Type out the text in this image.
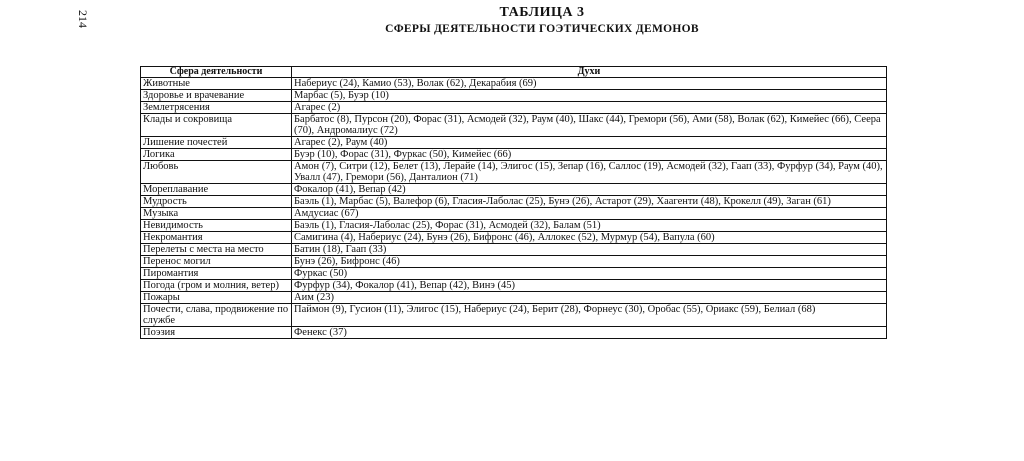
214	ТАБЛИЦА 3
СФЕРЫ ДЕЯТЕЛЬНОСТИ ГОЭТИЧЕСКИХ ДЕМОНОВ
Сфера деятельности	Духи
Животные	Набериус (24), Камио (53), Волак (62), Декарабия (69)
Здоровье и врачевание	Марбас (5), Буэр (10)
Землетрясения	Агарес (2)
Клады и сокровища	Барбатос (8), Пурсон (20), Форас (31), Асмодей (32), Раум (40), Шакс (44), Гремори (56), Ами (58), Волак (62), Кимейес (66), Сеера (70), Андромалиус (72)
Лишение почестей	Агарес (2), Раум (40)
Логика	Буэр (10), Форас (31), Фуркас (50), Кимейес (66)
Любовь	Амон (7), Ситри (12), Белет (13), Лерайе (14), Элигос (15), Зепар (16), Саллос (19), Асмодей (32), Гаап (33), Фурфур (34), Раум (40), Увалл (47), Гремори (56), Данталион (71)
Мореплавание	Фокалор (41), Вепар (42)
Мудрость	Баэль (1), Марбас (5), Валефор (6), Гласия-Лаболас (25), Бунэ (26), Астарот (29), Хаагенти (48), Крокелл (49), Заган (61)
Музыка	Амдусиас (67)
Невидимость	Баэль (1), Гласия-Лаболас (25), Форас (31), Асмодей (32), Балам (51)
Некромантия	Самигина (4), Набериус (24), Бунэ (26), Бифронс (46), Аллокес (52), Мурмур (54), Вапула (60)
Перелеты с места на место	Батин (18), Гаап (33)
Перенос могил	Бунэ (26), Бифронс (46)
Пиромантия	Фуркас (50)
Погода (гром и молния, ветер)	Фурфур (34), Фокалор (41), Вепар (42), Винэ (45)
Пожары	Аим (23)
Почести, слава, продвижение по службе	Паймон (9), Гусион (11), Элигос (15), Набериус (24), Берит (28), Форнеус (30), Оробас (55), Ориакс (59), Белиал (68)
Поэзия	Фенекс (37)
